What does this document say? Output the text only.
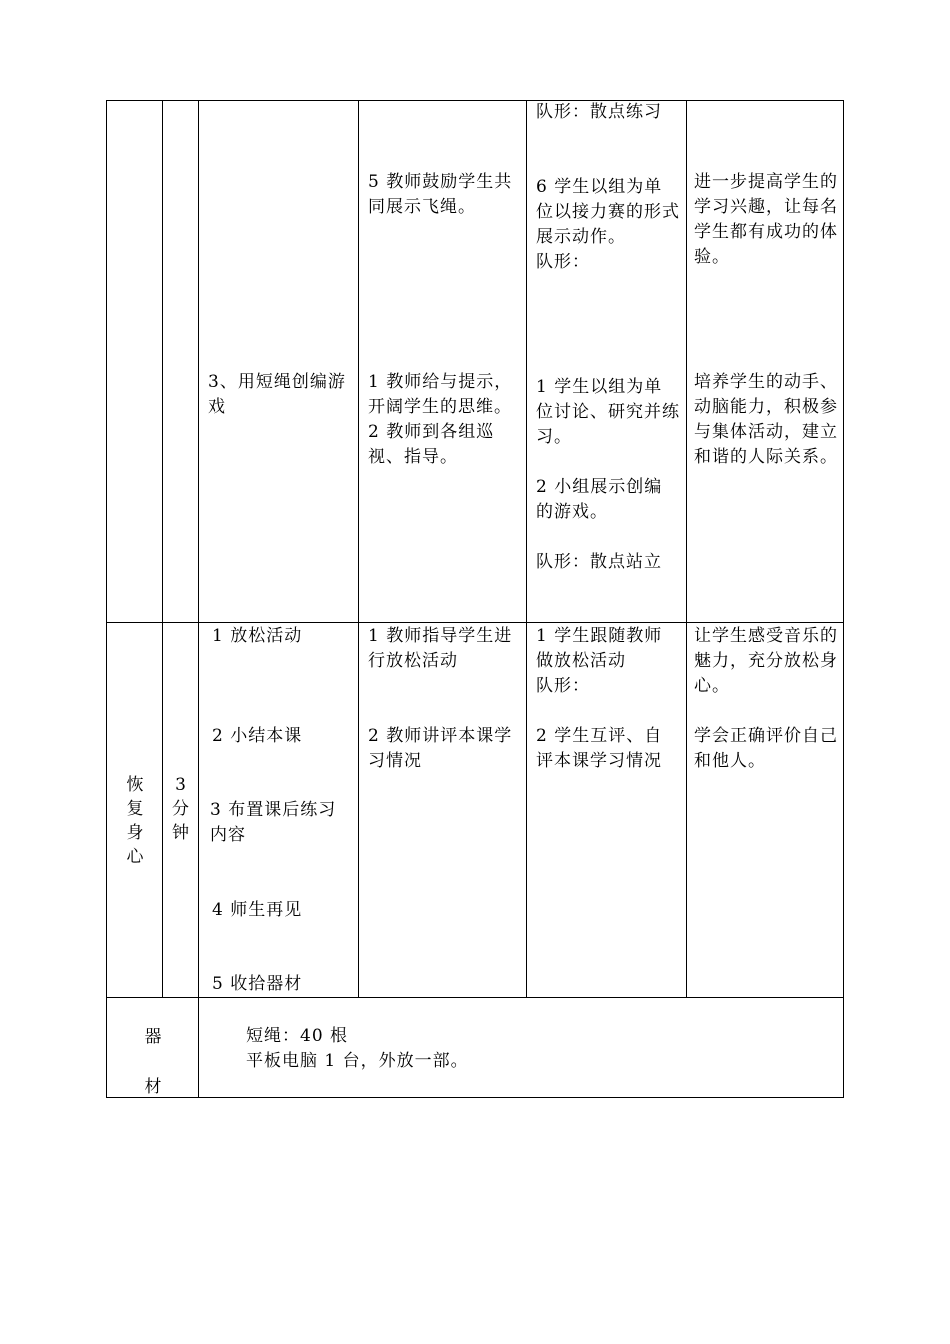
队形：散点练习

5 教师鼓励学生共同展示飞绳。

6 学生以组为单位以接力赛的形式展示动作。

队形：

进一步提高学生的学习兴趣，让每名学生都有成功的体验。

3、用短绳创编游戏

1 教师给与提示，开阔学生的思维。

2 教师到各组巡视、指导。

1 学生以组为单位讨论、研究并练习。

2 小组展示创编的游戏。

队形：散点站立

培养学生的动手、动脑能力，积极参与集体活动，建立和谐的人际关系。

恢
复
身
心
3
分
钟

1 放松活动

2 小结本课

3 布置课后练习内容

4 师生再见

5 收拾器材

1 教师指导学生进行放松活动

2 教师讲评本课学习情况

1 学生跟随教师做放松活动

队形：

2 学生互评、自评本课学习情况

让学生感受音乐的魅力，充分放松身心。

学会正确评价自己和他人。

器
材

短绳：40 根

平板电脑 1 台，外放一部。
